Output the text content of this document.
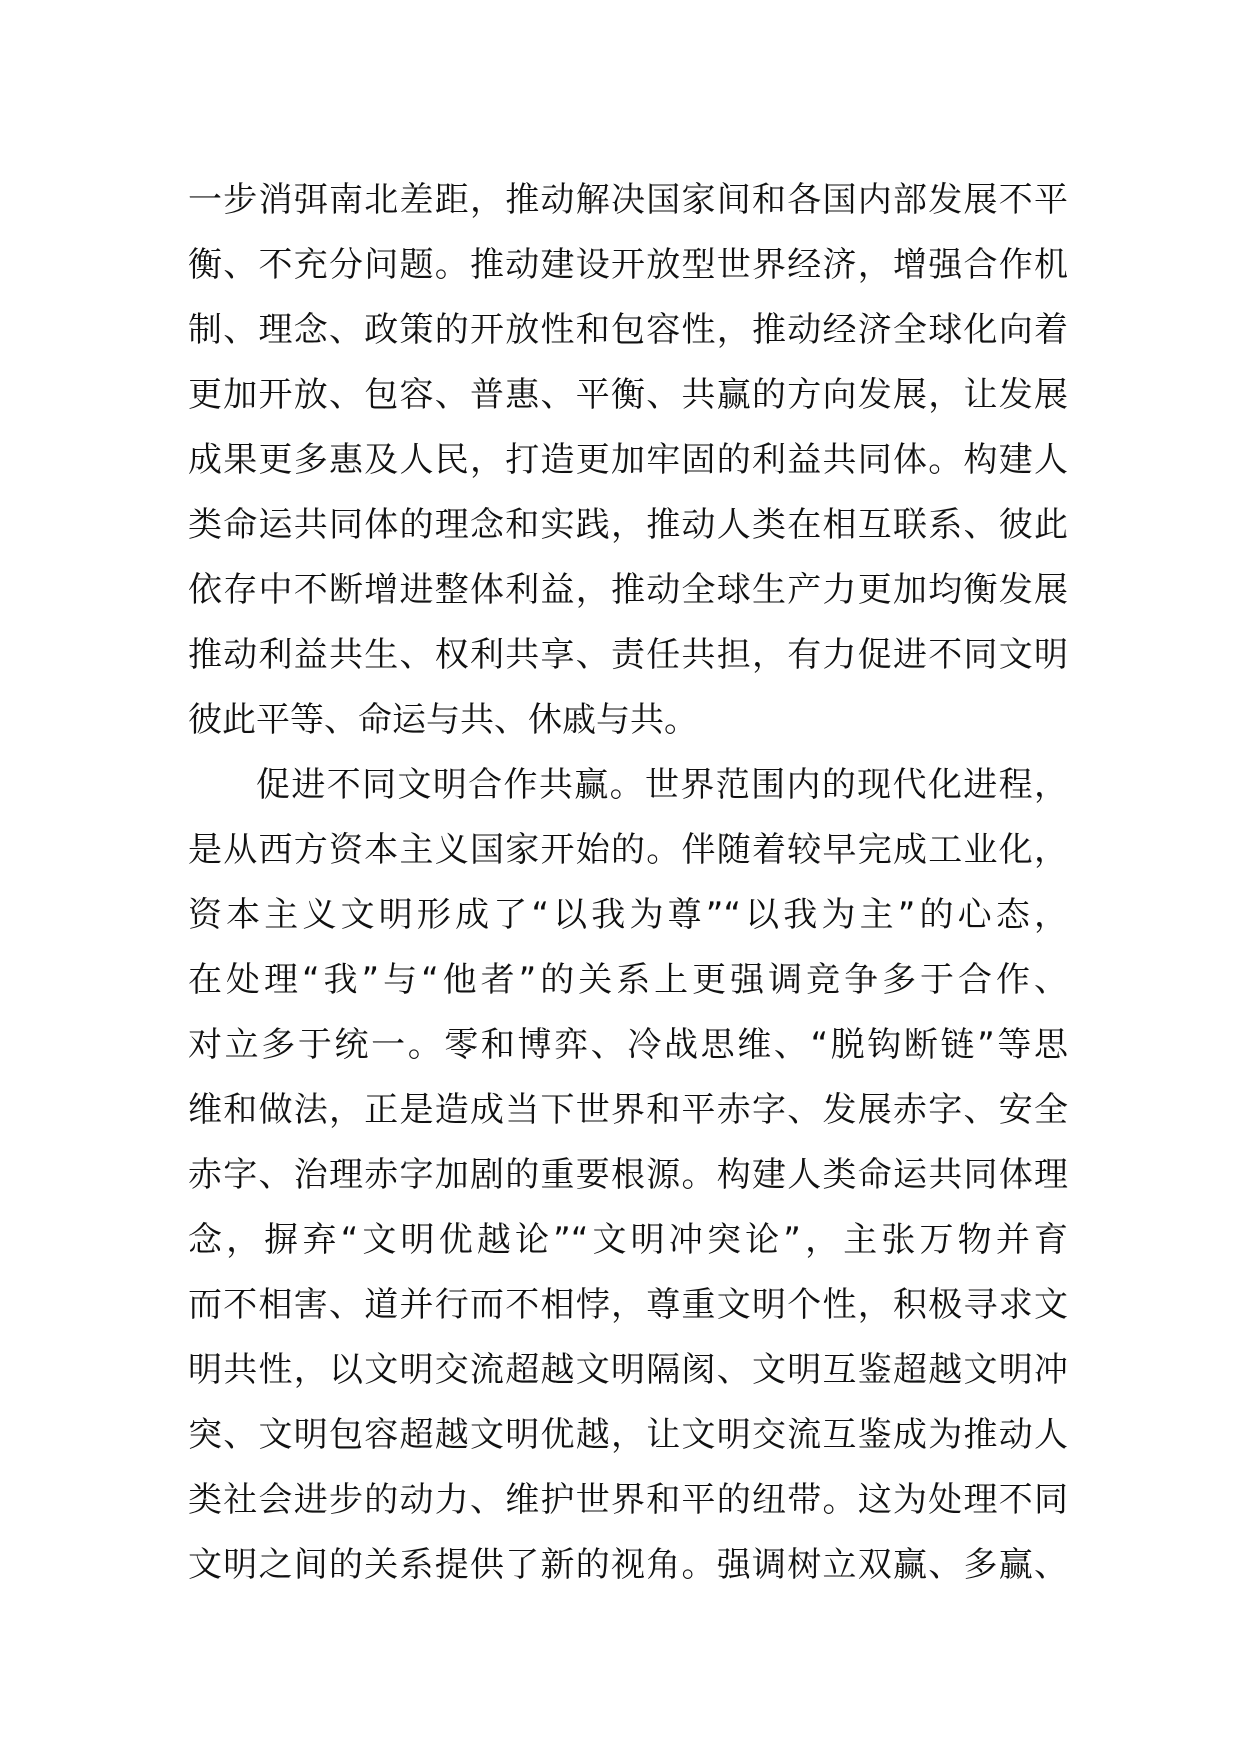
一步消弭南北差距，推动解决国家间和各国内部发展不平
衡、不充分问题。推动建设开放型世界经济，增强合作机
制、理念、政策的开放性和包容性，推动经济全球化向着
更加开放、包容、普惠、平衡、共赢的方向发展，让发展
成果更多惠及人民，打造更加牢固的利益共同体。构建人
类命运共同体的理念和实践，推动人类在相互联系、彼此
依存中不断增进整体利益，推动全球生产力更加均衡发展
推动利益共生、权利共享、责任共担，有力促进不同文明
彼此平等、命运与共、休戚与共。
促进不同文明合作共赢。世界范围内的现代化进程，
是从西方资本主义国家开始的。伴随着较早完成工业化，
资本主义文明形成了“以我为尊”“以我为主”的心态，
在处理“我”与“他者”的关系上更强调竞争多于合作、
对立多于统一。零和博弈、冷战思维、“脱钩断链”等思
维和做法，正是造成当下世界和平赤字、发展赤字、安全
赤字、治理赤字加剧的重要根源。构建人类命运共同体理
念，摒弃“文明优越论”“文明冲突论”，主张万物并育
而不相害、道并行而不相悖，尊重文明个性，积极寻求文
明共性，以文明交流超越文明隔阂、文明互鉴超越文明冲
突、文明包容超越文明优越，让文明交流互鉴成为推动人
类社会进步的动力、维护世界和平的纽带。这为处理不同
文明之间的关系提供了新的视角。强调树立双赢、多赢、
